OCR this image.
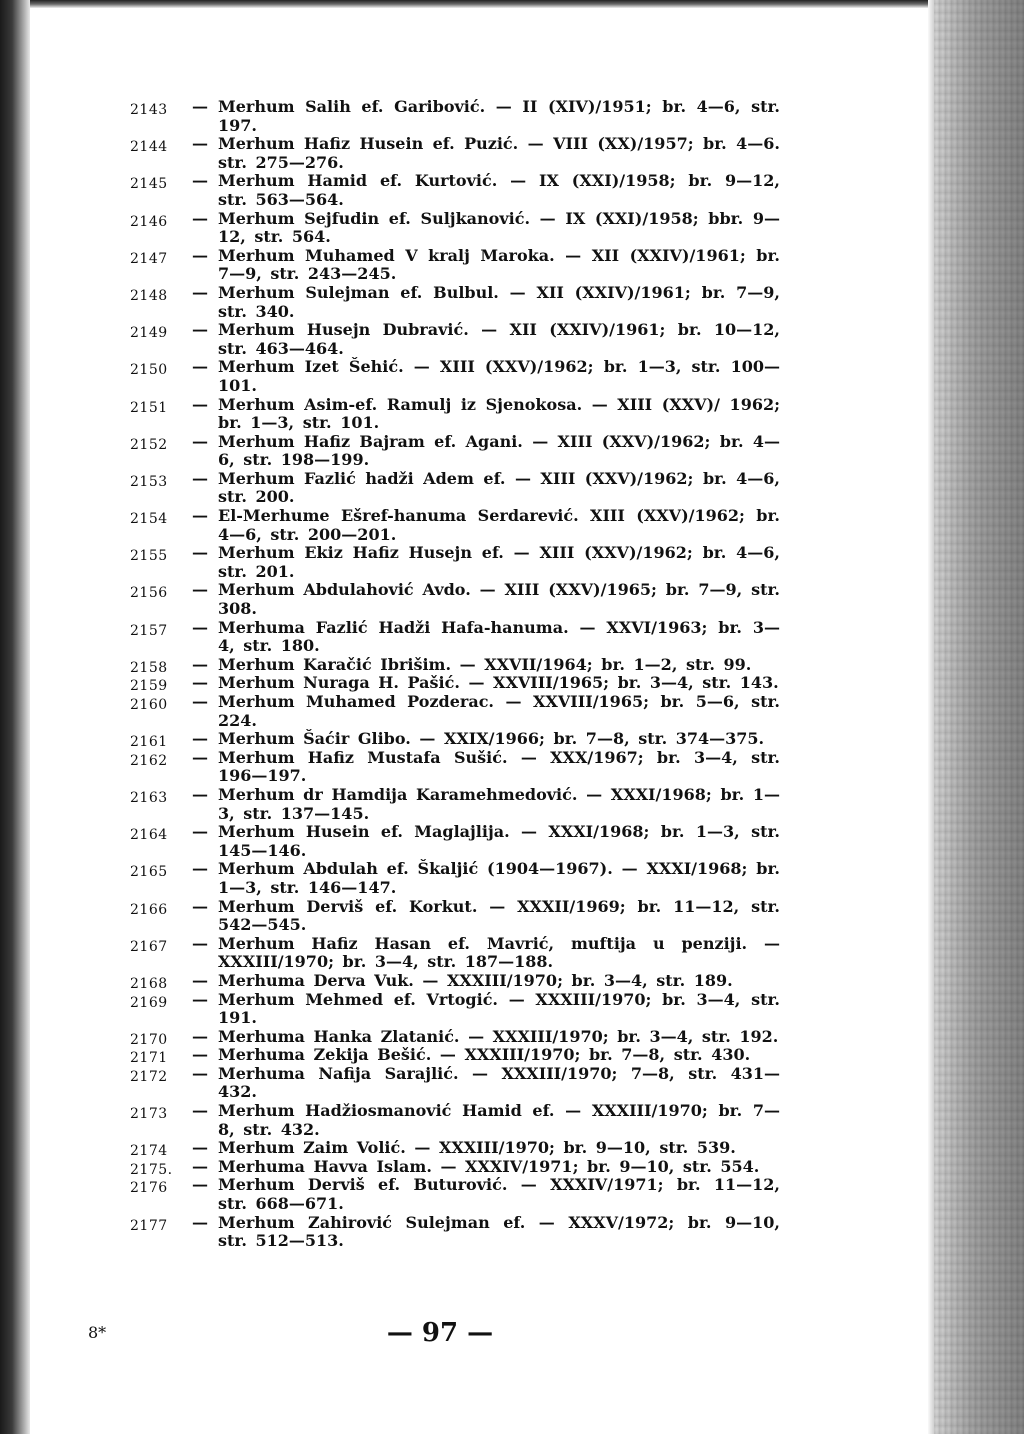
2143	— Merhum Salih ef. Garibović. — II (XIV)/1951; br. 4—6, str. 197.
2144	— Merhum Hafiz Husein ef. Puzić. — VIII (XX)/1957; br. 4—6. str. 275—276.
2145	— Merhum Hamid ef. Kurtović. — IX (XXI)/1958; br. 9—12, str. 563—564.
2146	— Merhum Sejfudin ef. Suljkanović. — IX (XXI)/1958; bbr. 9—12, str. 564.
2147	— Merhum Muhamed V kralj Maroka. — XII (XXIV)/1961; br. 7—9, str. 243—245.
2148	— Merhum Sulejman ef. Bulbul. — XII (XXIV)/1961; br. 7—9, str. 340.
2149	— Merhum Husejn Dubravić. — XII (XXIV)/1961; br. 10—12, str. 463—464.
2150	— Merhum Izet Šehić. — XIII (XXV)/1962; br. 1—3, str. 100—101.
2151	— Merhum Asim-ef. Ramulj iz Sjenokosa. — XIII (XXV)/ 1962; br. 1—3, str. 101.
2152	— Merhum Hafiz Bajram ef. Agani. — XIII (XXV)/1962; br. 4—6, str. 198—199.
2153	— Merhum Fazlić hadži Adem ef. — XIII (XXV)/1962; br. 4—6, str. 200.
2154	— El-Merhume Ešref-hanuma Serdarević. XIII (XXV)/1962; br. 4—6, str. 200—201.
2155	— Merhum Ekiz Hafiz Husejn ef. — XIII (XXV)/1962; br. 4—6, str. 201.
2156	— Merhum Abdulahović Avdo. — XIII (XXV)/1965; br. 7—9, str. 308.
2157	— Merhuma Fazlić Hadži Hafa-hanuma. — XXVI/1963; br. 3—4, str. 180.
2158	— Merhum Karačić Ibrišim. — XXVII/1964; br. 1—2, str. 99.
2159	— Merhum Nuraga H. Pašić. — XXVIII/1965; br. 3—4, str. 143.
2160	— Merhum Muhamed Pozderac. — XXVIII/1965; br. 5—6, str. 224.
2161	— Merhum Šaćir Glibo. — XXIX/1966; br. 7—8, str. 374—375.
2162	— Merhum Hafiz Mustafa Sušić. — XXX/1967; br. 3—4, str. 196—197.
2163	— Merhum dr Hamdija Karamehmedović. — XXXI/1968; br. 1—3, str. 137—145.
2164	— Merhum Husein ef. Maglajlija. — XXXI/1968; br. 1—3, str. 145—146.
2165	— Merhum Abdulah ef. Škaljić (1904—1967). — XXXI/1968; br. 1—3, str. 146—147.
2166	— Merhum Derviš ef. Korkut. — XXXII/1969; br. 11—12, str. 542—545.
2167	— Merhum Hafiz Hasan ef. Mavrić, muftija u penziji. — XXXIII/1970; br. 3—4, str. 187—188.
2168	— Merhuma Derva Vuk. — XXXIII/1970; br. 3—4, str. 189.
2169	— Merhum Mehmed ef. Vrtogić. — XXXIII/1970; br. 3—4, str. 191.
2170	— Merhuma Hanka Zlatanić. — XXXIII/1970; br. 3—4, str. 192.
2171	— Merhuma Zekija Bešić. — XXXIII/1970; br. 7—8, str. 430.
2172	— Merhuma Nafija Sarajlić. — XXXIII/1970; 7—8, str. 431—432.
2173	— Merhum Hadžiosmanović Hamid ef. — XXXIII/1970; br. 7—8, str. 432.
2174	— Merhum Zaim Volić. — XXXIII/1970; br. 9—10, str. 539.
2175.	— Merhuma Havva Islam. — XXXIV/1971; br. 9—10, str. 554.
2176	— Merhum Derviš ef. Buturović. — XXXIV/1971; br. 11—12, str. 668—671.
2177	— Merhum Zahirović Sulejman ef. — XXXV/1972; br. 9—10, str. 512—513.
8*	— 97 —
